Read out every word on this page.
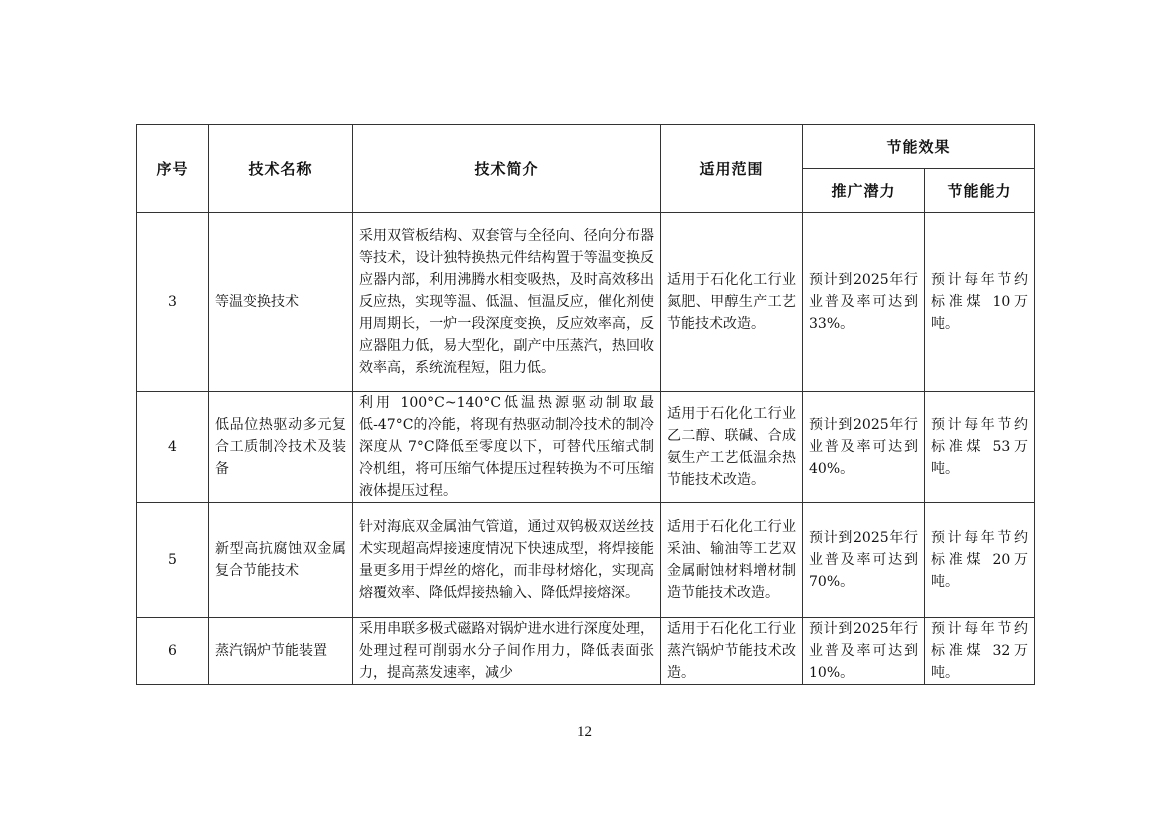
序号	技术名称	技术简介	适用范围	节能效果	
				推广潜力	节能能力
3	等温变换技术	采用双管板结构、双套管与全径向、径向分布器等技术，设计独特换热元件结构置于等温变换反应器内部，利用沸腾水相变吸热，及时高效移出反应热，实现等温、低温、恒温反应，催化剂使用周期长，一炉一段深度变换，反应效率高，反应器阻力低，易大型化，副产中压蒸汽，热回收效率高，系统流程短，阻力低。	适用于石化化工行业氮肥、甲醇生产工艺节能技术改造。	预计到2025年行业普及率可达到33%。	预计每年节约标准煤 10万吨。
4	低品位热驱动多元复合工质制冷技术及装备	利用 100°C~140°C低温热源驱动制取最低-47°C的冷能，将现有热驱动制冷技术的制冷深度从 7°C降低至零度以下，可替代压缩式制冷机组，将可压缩气体提压过程转换为不可压缩液体提压过程。	适用于石化化工行业乙二醇、联碱、合成氨生产工艺低温余热节能技术改造。	预计到2025年行业普及率可达到40%。	预计每年节约标准煤 53万吨。
5	新型高抗腐蚀双金属复合节能技术	针对海底双金属油气管道，通过双钨极双送丝技术实现超高焊接速度情况下快速成型，将焊接能量更多用于焊丝的熔化，而非母材熔化，实现高熔覆效率、降低焊接热输入、降低焊接熔深。	适用于石化化工行业采油、输油等工艺双金属耐蚀材料增材制造节能技术改造。	预计到2025年行业普及率可达到70%。	预计每年节约标准煤 20万吨。
6	蒸汽锅炉节能装置	采用串联多极式磁路对锅炉进水进行深度处理，处理过程可削弱水分子间作用力，降低表面张力，提高蒸发速率，减少	适用于石化化工行业蒸汽锅炉节能技术改造。	预计到2025年行业普及率可达到10%。	预计每年节约标准煤 32万吨。
12
